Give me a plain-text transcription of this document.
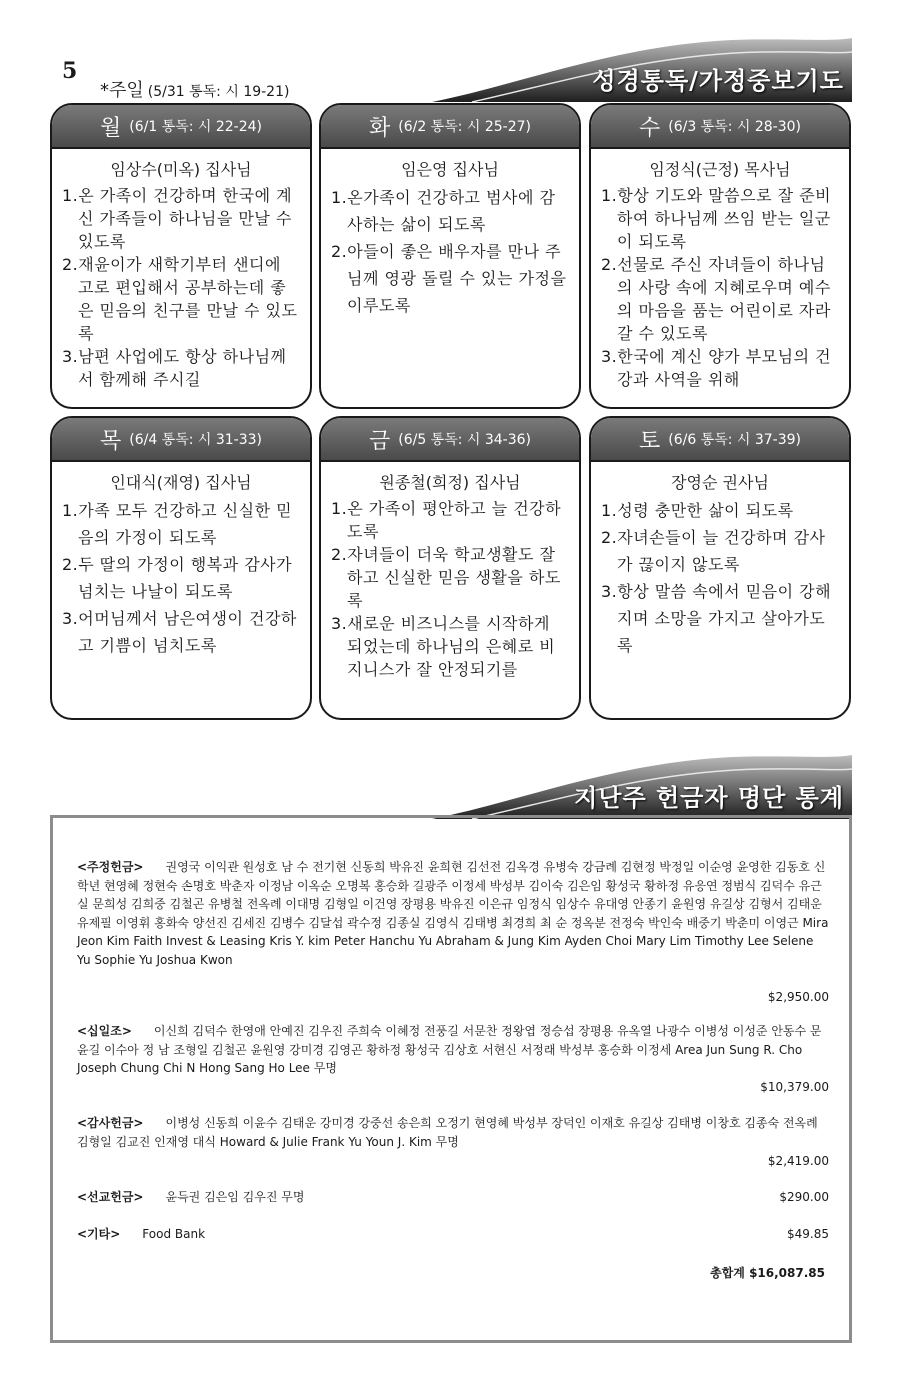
5
*주일 (5/31 통독: 시 19-21)	성경통독/가정중보기도
지난주 헌금자 명단 통계
월 (6/1 통독: 시 22-24)
임상수(미옥) 집사님
1.온 가족이 건강하며 한국에 계신 가족들이 하나님을 만날 수 있도록
2.재윤이가 새학기부터 샌디에 고로 편입해서 공부하는데 좋은 믿음의 친구를 만날 수 있도록
3.남편 사업에도 항상 하나님께서 함께해 주시길
화 (6/2 통독: 시 25-27)
임은영 집사님
1.온가족이 건강하고 범사에 감사하는 삶이 되도록
2.아들이 좋은 배우자를 만나 주님께 영광 돌릴 수 있는 가정을 이루도록
수 (6/3 통독: 시 28-30)
임정식(근정) 목사님
1.항상 기도와 말씀으로 잘 준비하여 하나님께 쓰임 받는 일군이 되도록
2.선물로 주신 자녀들이 하나님의 사랑 속에 지혜로우며 예수의 마음을 품는 어린이로 자라갈 수 있도록
3.한국에 계신 양가 부모님의 건강과 사역을 위해
목 (6/4 통독: 시 31-33)
인대식(재영) 집사님
1.가족 모두 건강하고 신실한 믿음의 가정이 되도록
2.두 딸의 가정이 행복과 감사가 넘치는 나날이 되도록
3.어머님께서 남은여생이 건강하고 기쁨이 넘치도록
금 (6/5 통독: 시 34-36)
원종철(희정) 집사님
1.온 가족이 평안하고 늘 건강하도록
2.자녀들이 더욱 학교생활도 잘 하고 신실한 믿음 생활을 하도록
3.새로운 비즈니스를 시작하게 되었는데 하나님의 은혜로 비지니스가 잘 안정되기를
토 (6/6 통독: 시 37-39)
장영순 권사님
1.성령 충만한 삶이 되도록
2.자녀손들이 늘 건강하며 감사가 끊이지 않도록
3.항상 말씀 속에서 믿음이 강해지며 소망을 가지고 살아가도록
<주정헌금> 권영국 이익관 원성호 남 수 전기현 신동희 박유진 윤희현 김선전 김옥경 유병숙 강금례 김현정 박정일 이순영 윤영한 김동호 신학년 현영혜 정현숙 손명호 박춘자 이정남 이옥순 오명복 홍승화 길광주 이정세 박성부 김이숙 김은임 황성국 황하정 유응연 정범식 김덕수 유근실 문희성 김희중 김철곤 유병철 전옥례 이대명 김형일 이건영 장평용 박유진 이은규 임정식 임상수 유대영 안종기 윤원영 유길상 김형서 김태운 유제필 이영휘 홍화숙 양선진 김세진 김병수 김달섭 곽수정 김종실 김영식 김태병 최경희 최 순 정옥분 전정숙 박인숙 배중기 박춘미 이영근 Mira Jeon Kim Faith Invest & Leasing Kris Y. kim Peter Hanchu Yu Abraham & Jung Kim Ayden Choi Mary Lim Timothy Lee Selene Yu Sophie Yu Joshua Kwon
$2,950.00
<십일조> 이신희 김덕수 한영애 안예진 김우진 주희숙 이혜정 전풍길 서문찬 정왕엽 정승섭 장평용 유옥열 나광수 이병성 이성준 안동수 문윤길 이수아 정 남 조형일 김철곤 윤원영 강미경 김영곤 황하정 황성국 김상호 서현신 서정래 박성부 홍승화 이정세 Area Jun Sung R. Cho Joseph Chung Chi N Hong Sang Ho Lee 무명
$10,379.00
<감사헌금> 이병성 신동희 이윤수 김태운 강미경 강중선 송은희 오정기 현영혜 박성부 장덕인 이재호 유길상 김태병 이창호 김종숙 전옥례 김형일 김교진 인재영 대식 Howard & Julie Frank Yu Youn J. Kim 무명
$2,419.00
<선교헌금> 윤득권 김은임 김우진 무명	$290.00
<기타> Food Bank	$49.85
총합계 $16,087.85
